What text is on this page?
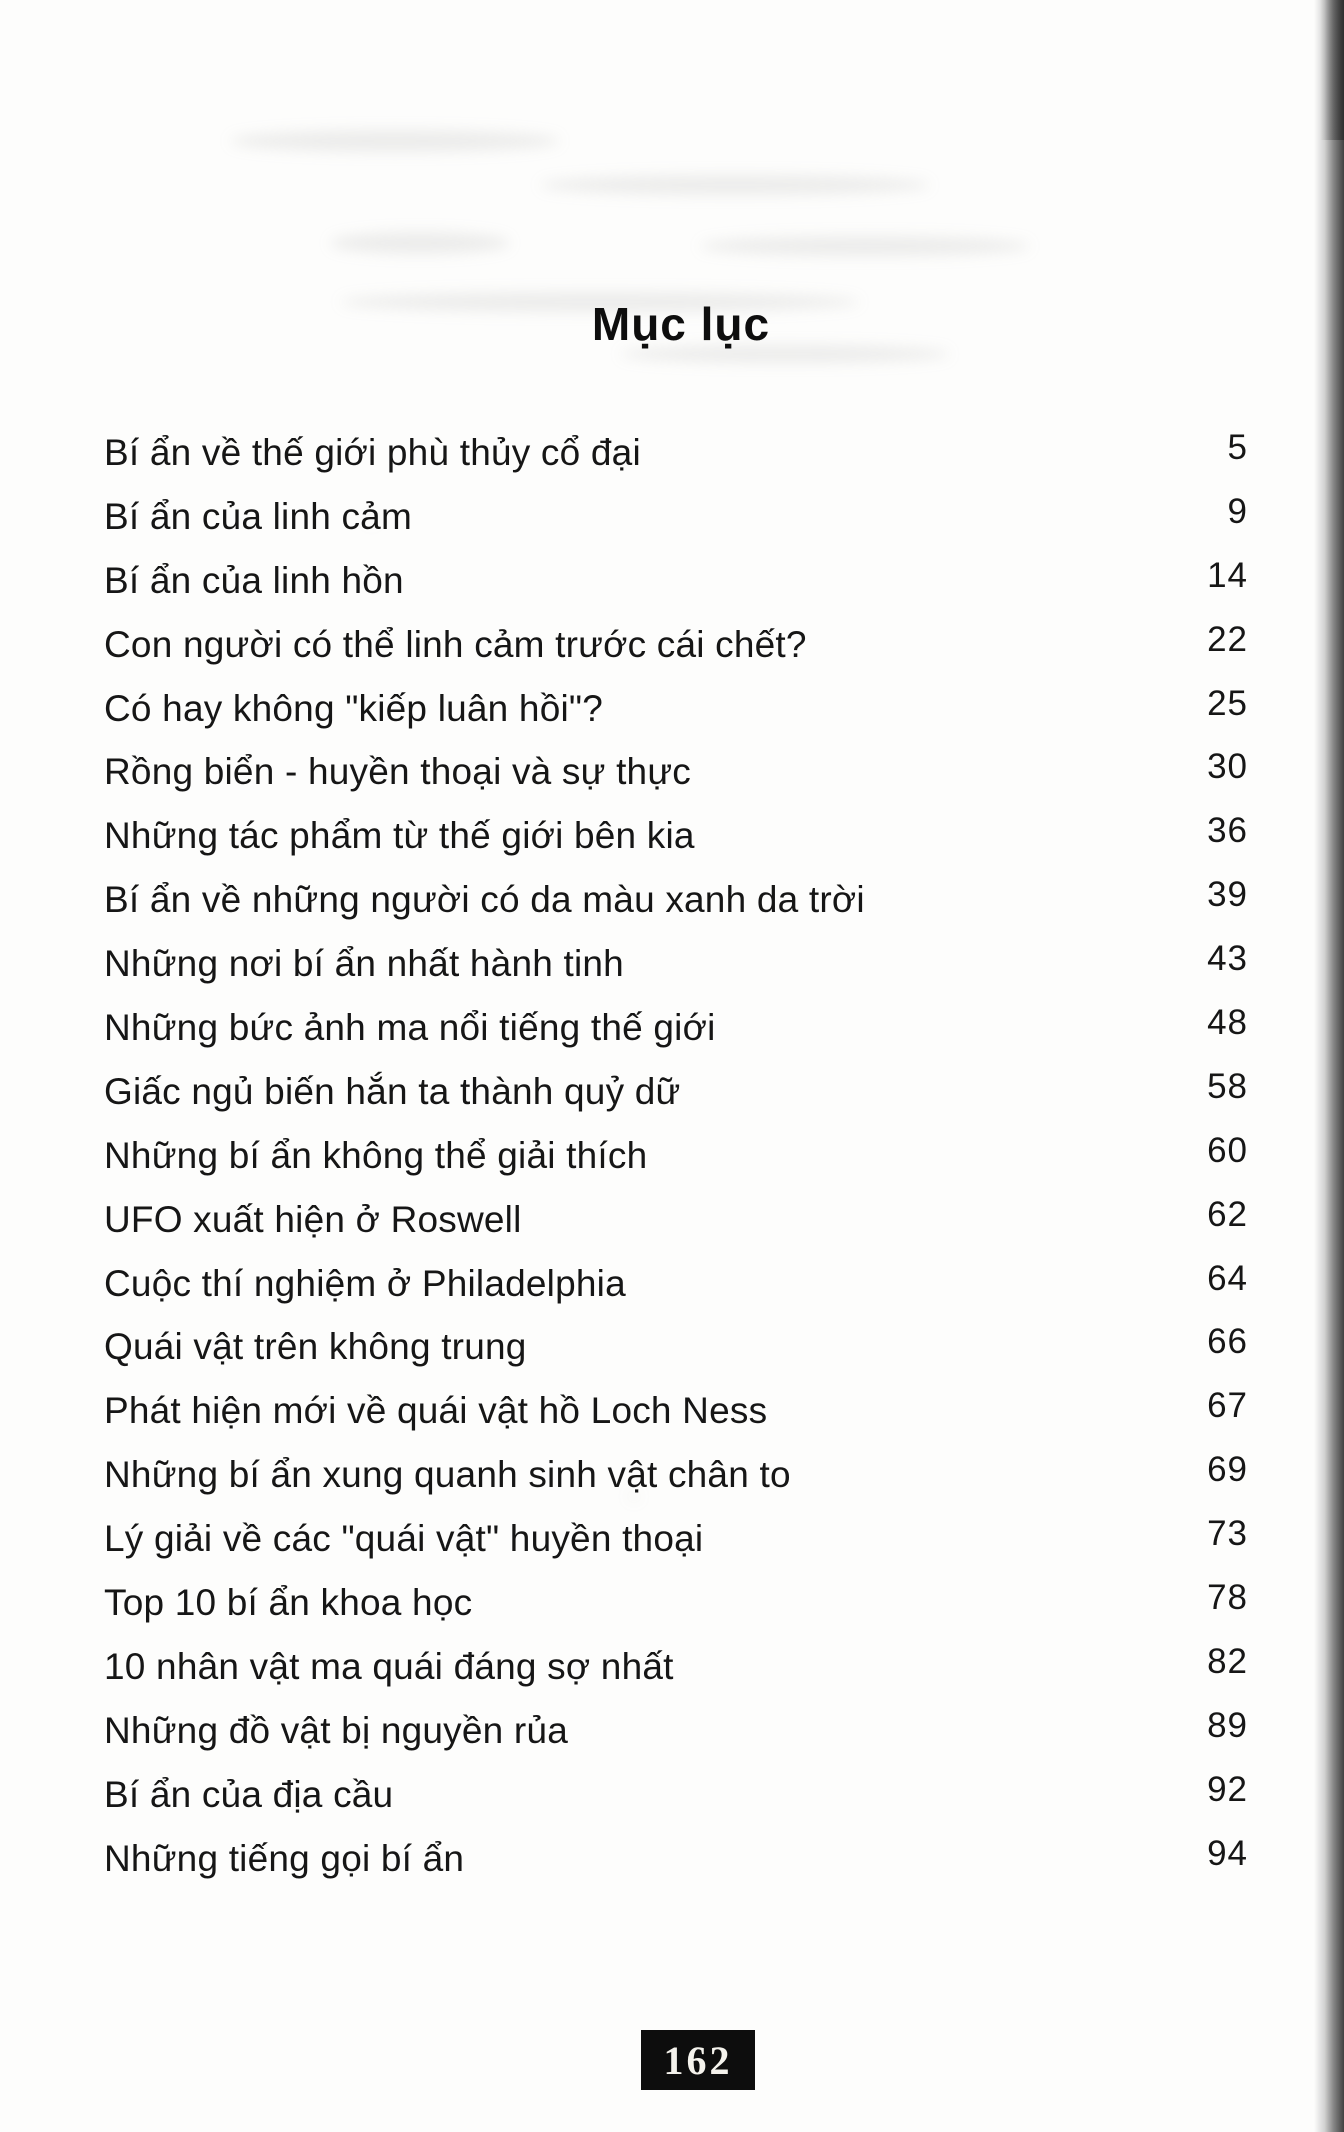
Mục lục
Bí ẩn về thế giới phù thủy cổ đại	5
Bí ẩn của linh cảm	9
Bí ẩn của linh hồn	14
Con người có thể linh cảm trước cái chết?	22
Có hay không "kiếp luân hồi"?	25
Rồng biển - huyền thoại và sự thực	30
Những tác phẩm từ thế giới bên kia	36
Bí ẩn về những người có da màu xanh da trời	39
Những nơi bí ẩn nhất hành tinh	43
Những bức ảnh ma nổi tiếng thế giới	48
Giấc ngủ biến hắn ta thành quỷ dữ	58
Những bí ẩn không thể giải thích	60
UFO xuất hiện ở Roswell	62
Cuộc thí nghiệm ở Philadelphia	64
Quái vật trên không trung	66
Phát hiện mới về quái vật hồ Loch Ness	67
Những bí ẩn xung quanh sinh vật chân to	69
Lý giải về các "quái vật" huyền thoại	73
Top 10 bí ẩn khoa học	78
10 nhân vật ma quái đáng sợ nhất	82
Những đồ vật bị nguyền rủa	89
Bí ẩn của địa cầu	92
Những tiếng gọi bí ẩn	94
162
